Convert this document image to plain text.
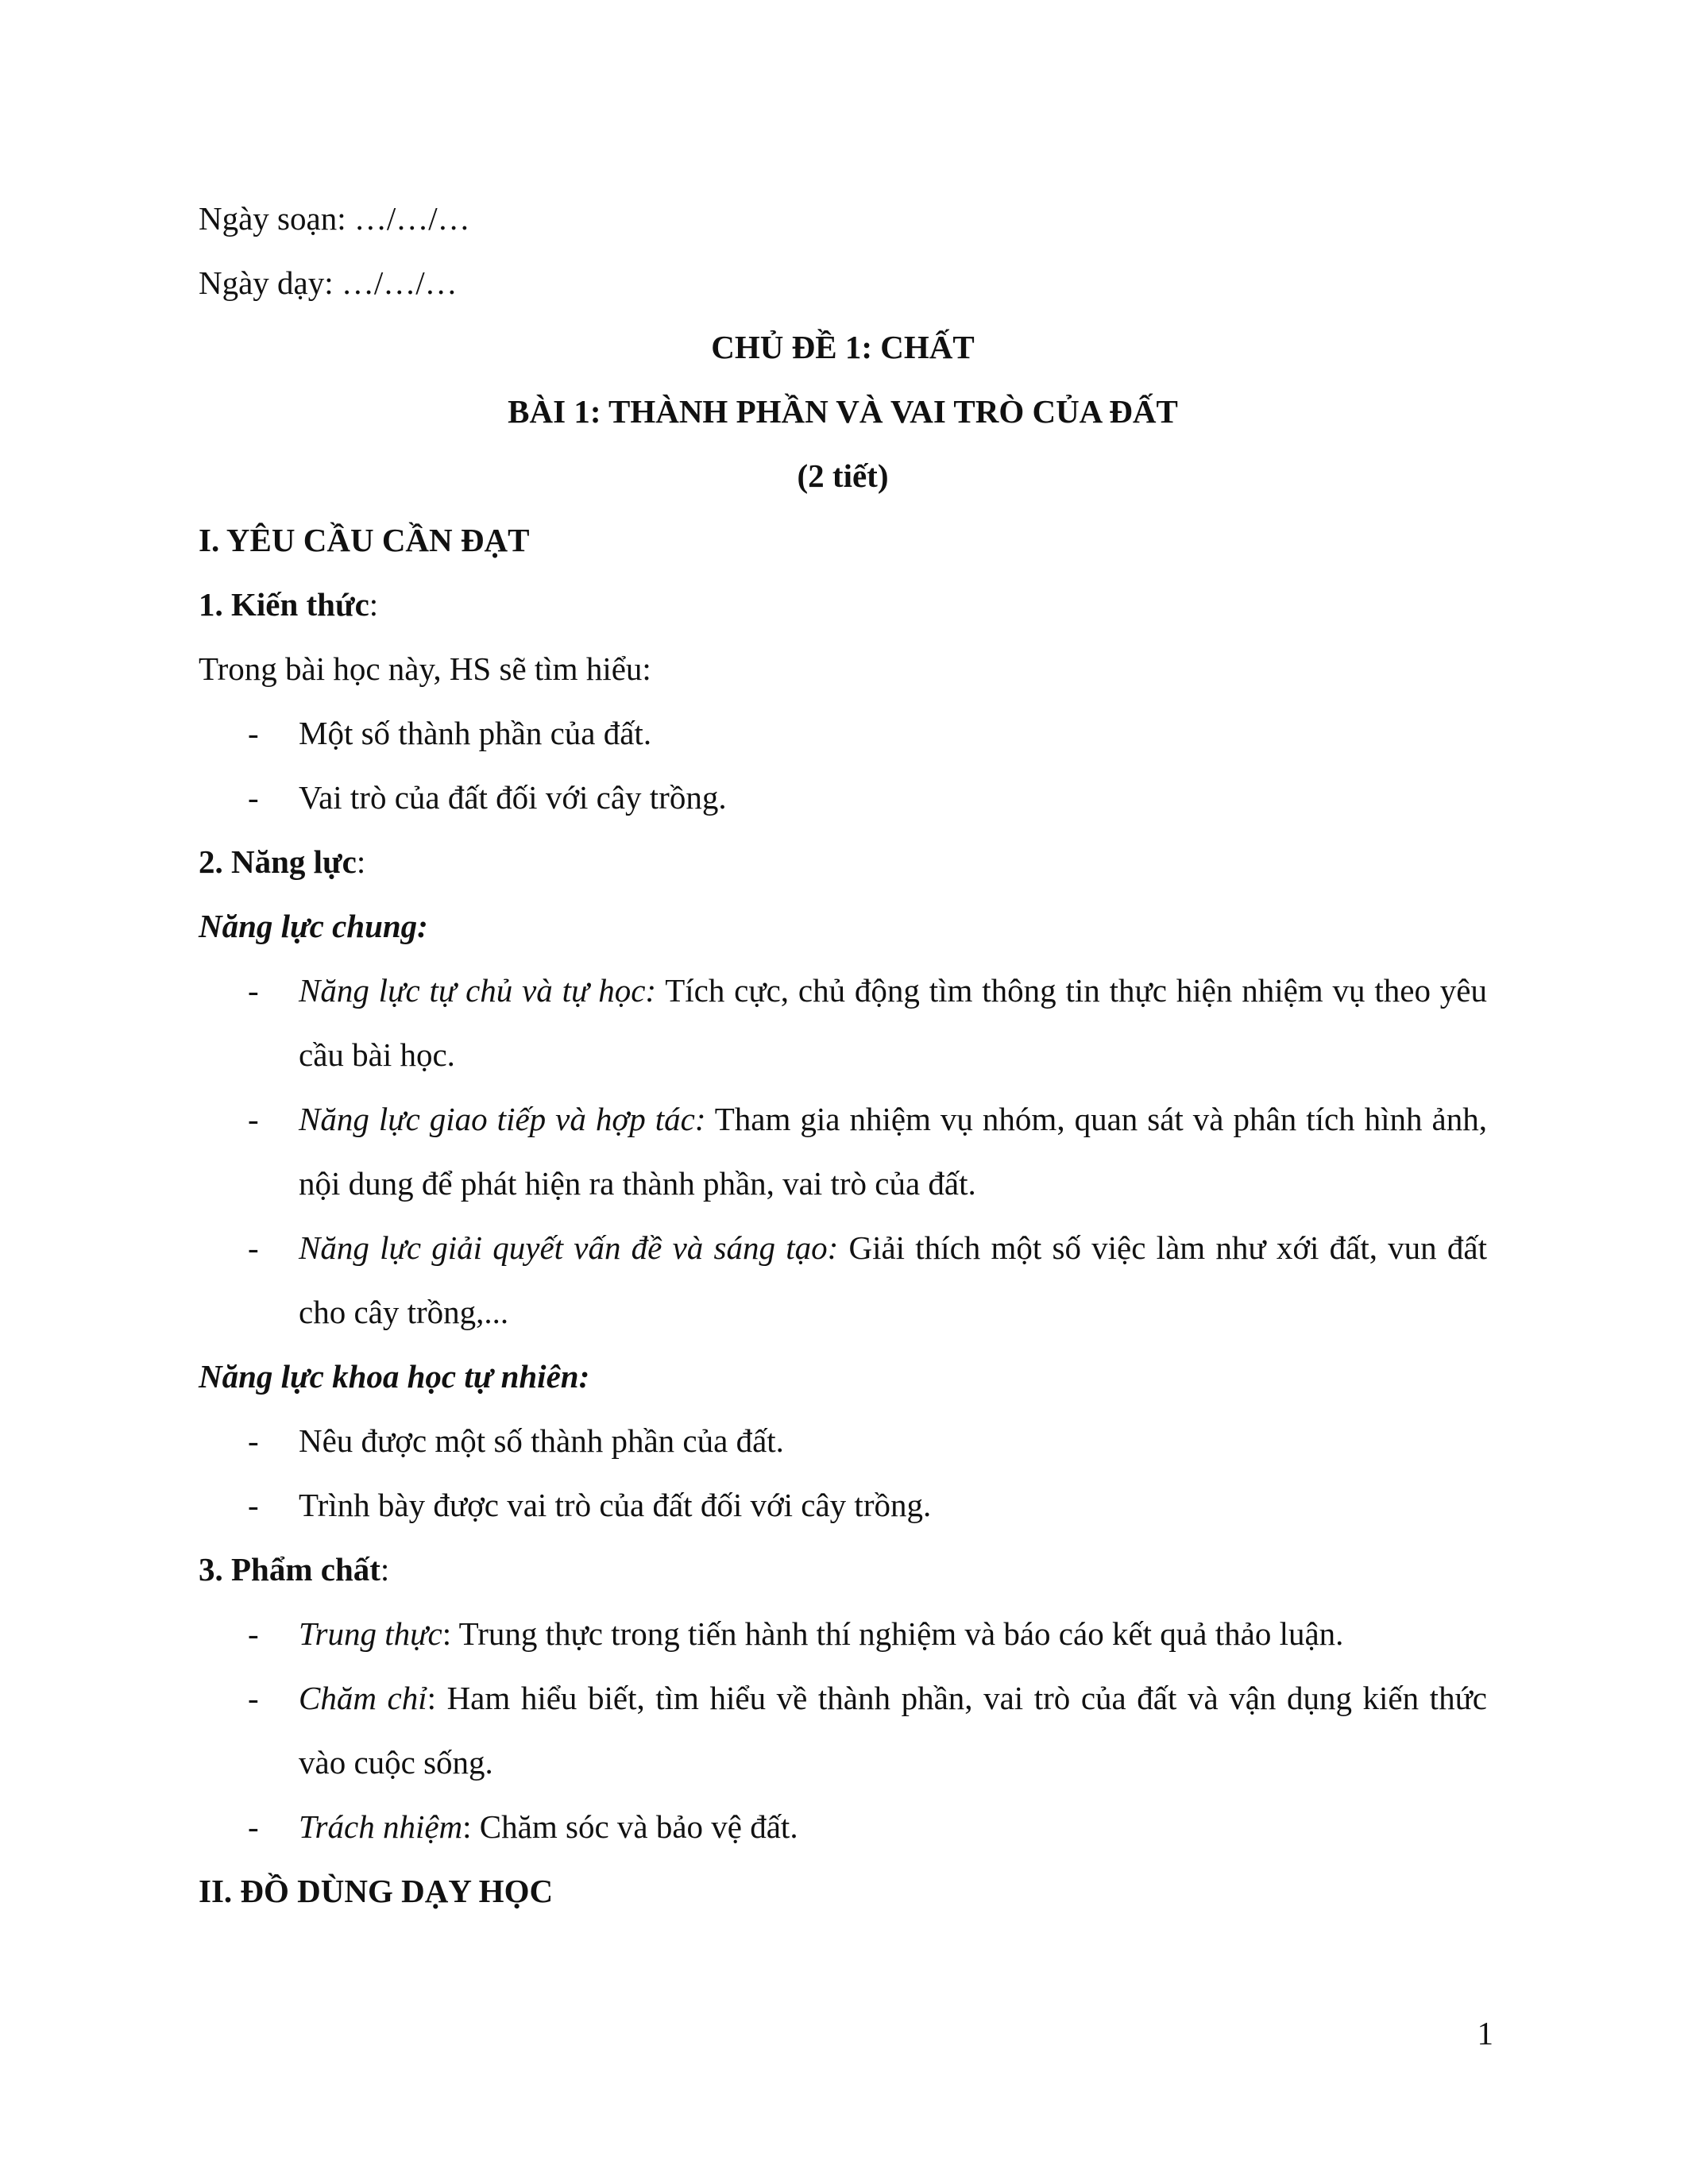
Ngày soạn: …/…/…

Ngày dạy: …/…/…

CHỦ ĐỀ 1: CHẤT

BÀI 1: THÀNH PHẦN VÀ VAI TRÒ CỦA ĐẤT

(2 tiết)

I. YÊU CẦU CẦN ĐẠT

1. Kiến thức:

Trong bài học này, HS sẽ tìm hiểu:

- Một số thành phần của đất.
- Vai trò của đất đối với cây trồng.

2. Năng lực:

Năng lực chung:

- Năng lực tự chủ và tự học: Tích cực, chủ động tìm thông tin thực hiện nhiệm vụ theo yêu cầu bài học.
- Năng lực giao tiếp và hợp tác: Tham gia nhiệm vụ nhóm, quan sát và phân tích hình ảnh, nội dung để phát hiện ra thành phần, vai trò của đất.
- Năng lực giải quyết vấn đề và sáng tạo: Giải thích một số việc làm như xới đất, vun đất cho cây trồng,...

Năng lực khoa học tự nhiên:

- Nêu được một số thành phần của đất.
- Trình bày được vai trò của đất đối với cây trồng.

3. Phẩm chất:

- Trung thực: Trung thực trong tiến hành thí nghiệm và báo cáo kết quả thảo luận.
- Chăm chỉ: Ham hiểu biết, tìm hiểu về thành phần, vai trò của đất và vận dụng kiến thức vào cuộc sống.
- Trách nhiệm: Chăm sóc và bảo vệ đất.

II. ĐỒ DÙNG DẠY HỌC

1
